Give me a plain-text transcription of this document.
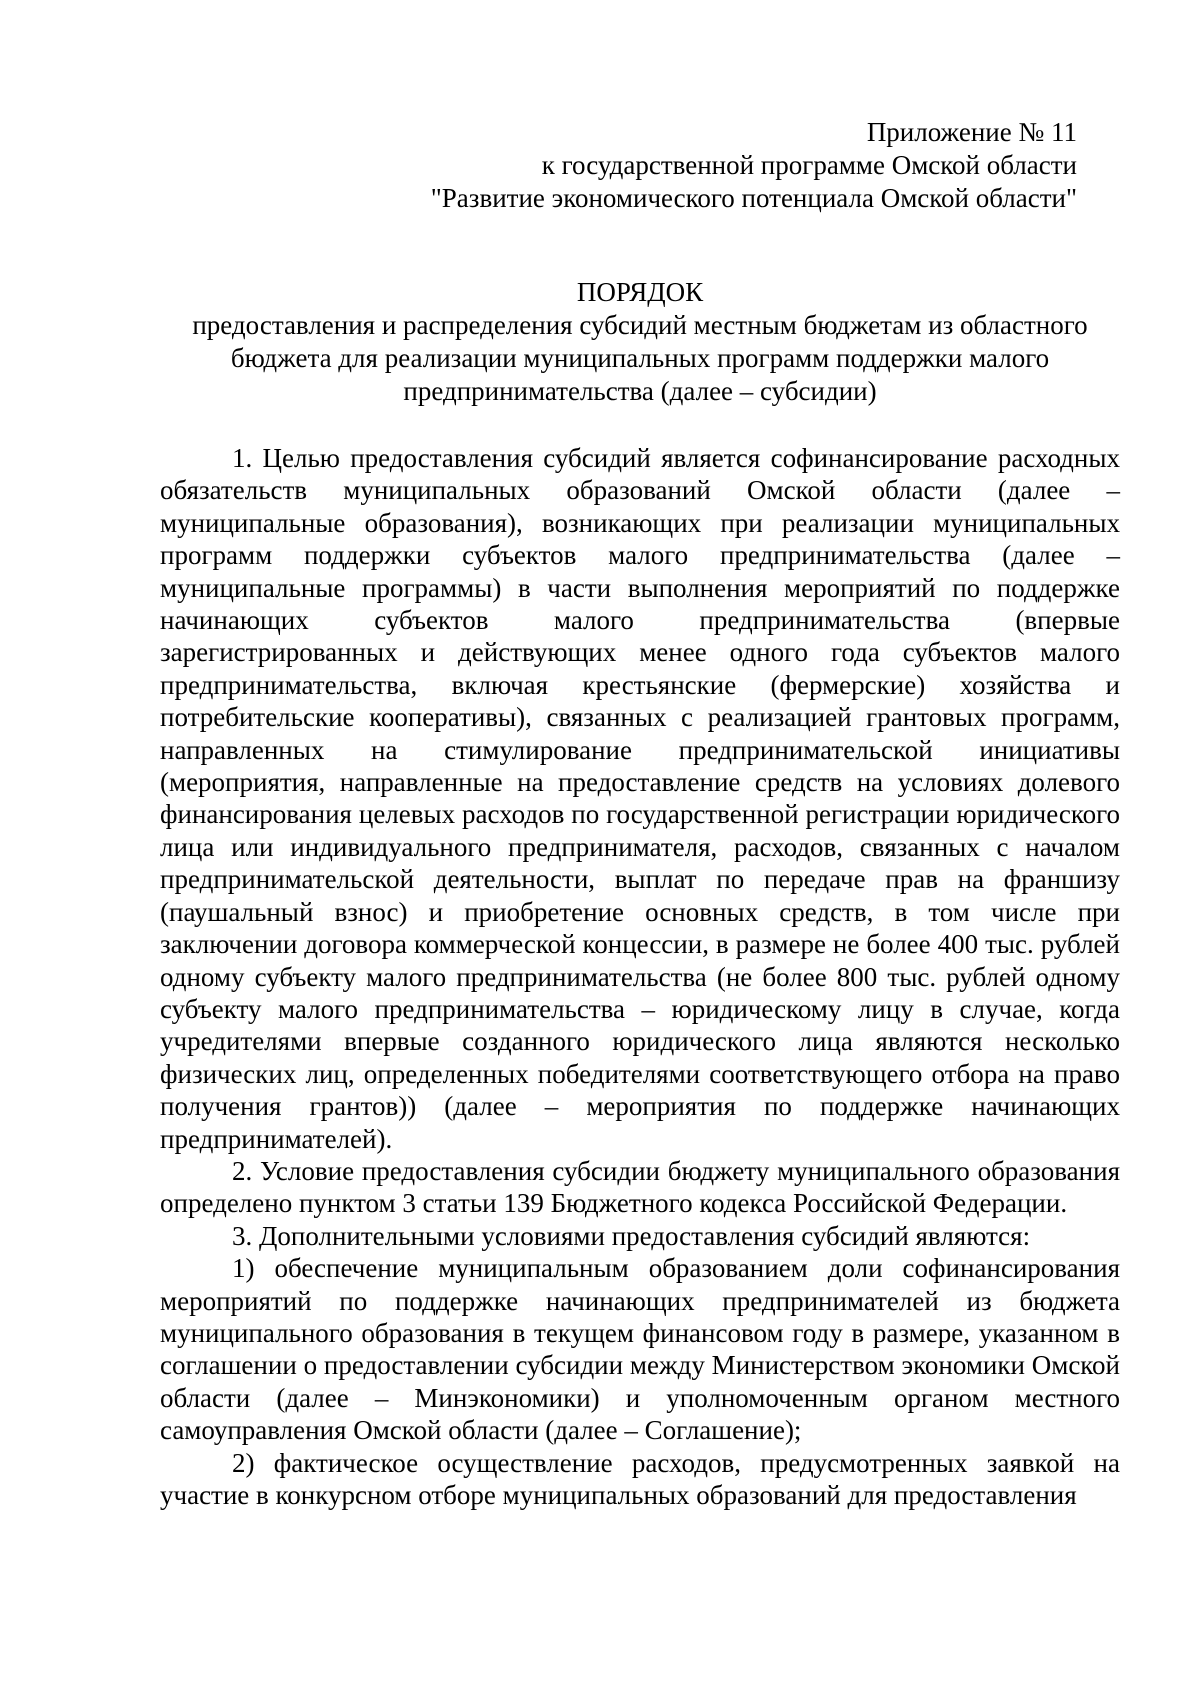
Приложение № 11
к государственной программе Омской области
"Развитие экономического потенциала Омской области"
ПОРЯДОК
предоставления и распределения субсидий местным бюджетам из областного бюджета для реализации муниципальных программ поддержки малого предпринимательства (далее – субсидии)

1. Целью предоставления субсидий является софинансирование расходных обязательств муниципальных образований Омской области (далее – муниципальные образования), возникающих при реализации муниципальных программ поддержки субъектов малого предпринимательства (далее – муниципальные программы) в части выполнения мероприятий по поддержке начинающих субъектов малого предпринимательства (впервые зарегистрированных и действующих менее одного года субъектов малого предпринимательства, включая крестьянские (фермерские) хозяйства и потребительские кооперативы), связанных с реализацией грантовых программ, направленных на стимулирование предпринимательской инициативы (мероприятия, направленные на предоставление средств на условиях долевого финансирования целевых расходов по государственной регистрации юридического лица или индивидуального предпринимателя, расходов, связанных с началом предпринимательской деятельности, выплат по передаче прав на франшизу (паушальный взнос) и приобретение основных средств, в том числе при заключении договора коммерческой концессии, в размере не более 400 тыс. рублей одному субъекту малого предпринимательства (не более 800 тыс. рублей одному субъекту малого предпринимательства – юридическому лицу в случае, когда учредителями впервые созданного юридического лица являются несколько физических лиц, определенных победителями соответствующего отбора на право получения грантов)) (далее – мероприятия по поддержке начинающих предпринимателей).

2. Условие предоставления субсидии бюджету муниципального образования определено пунктом 3 статьи 139 Бюджетного кодекса Российской Федерации.

3. Дополнительными условиями предоставления субсидий являются:

1) обеспечение муниципальным образованием доли софинансирования мероприятий по поддержке начинающих предпринимателей из бюджета муниципального образования в текущем финансовом году в размере, указанном в соглашении о предоставлении субсидии между Министерством экономики Омской области (далее – Минэкономики) и уполномоченным органом местного самоуправления Омской области (далее – Соглашение);

2) фактическое осуществление расходов, предусмотренных заявкой на участие в конкурсном отборе муниципальных образований для предоставления
